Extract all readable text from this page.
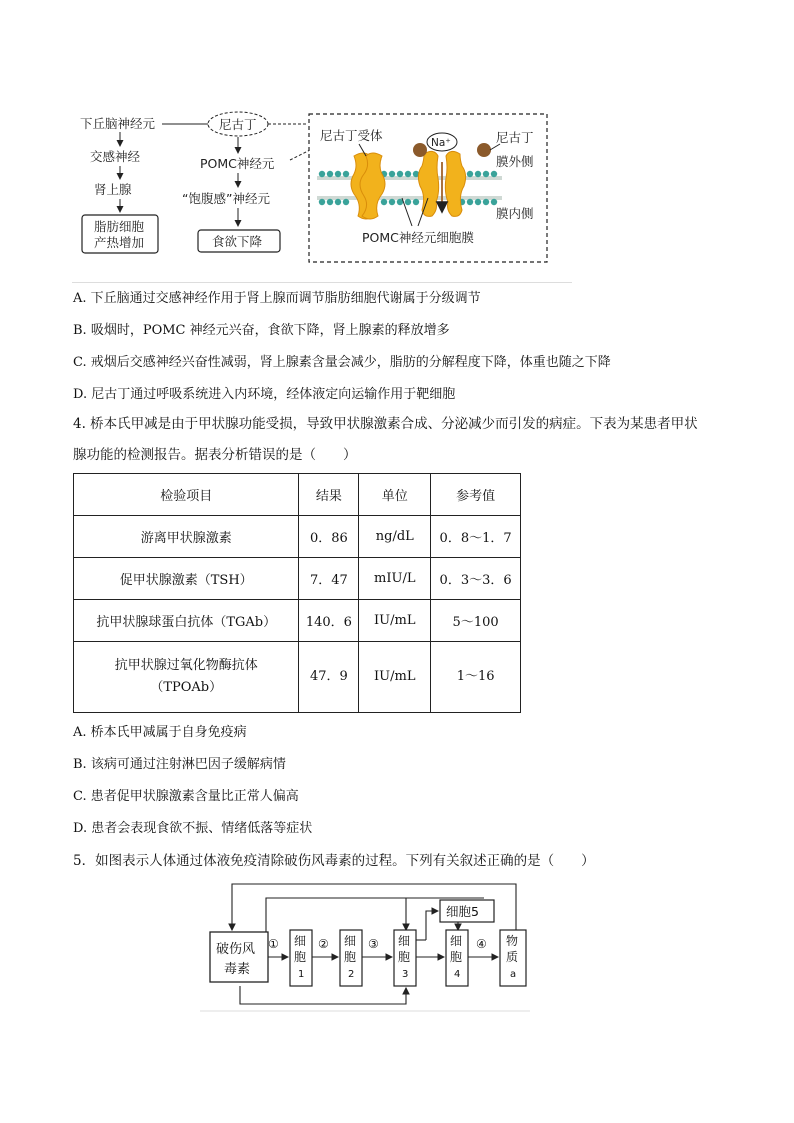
下丘脑神经元
交感神经
肾上腺
脂肪细胞
产热增加
尼古丁
POMC神经元
“饱腹感”神经元
食欲下降
Na⁺
尼古丁受体	尼古丁
膜外侧
膜内侧
POMC神经元细胞膜
A. 下丘脑通过交感神经作用于肾上腺而调节脂肪细胞代谢属于分级调节
B. 吸烟时，POMC 神经元兴奋，食欲下降，肾上腺素的释放增多
C. 戒烟后交感神经兴奋性减弱，肾上腺素含量会减少，脂肪的分解程度下降，体重也随之下降
D. 尼古丁通过呼吸系统进入内环境，经体液定向运输作用于靶细胞
4. 桥本氏甲减是由于甲状腺功能受损，导致甲状腺激素合成、分泌减少而引发的病症。下表为某患者甲状
腺功能的检测报告。据表分析错误的是（　　）
检验项目	结果	单位	参考值
游离甲状腺激素	0．86	ng/dL	0．8～1．7
促甲状腺激素（TSH）	7．47	mIU/L	0．3～3．6
抗甲状腺球蛋白抗体（TGAb）	140．6	IU/mL	5～100

抗甲状腺过氧化物酶抗体
（TPOAb）	47．9	IU/mL	1～16
A. 桥本氏甲减属于自身免疫病
B. 该病可通过注射淋巴因子缓解病情
C. 患者促甲状腺激素含量比正常人偏高
D. 患者会表现食欲不振、情绪低落等症状
5．如图表示人体通过体液免疫清除破伤风毒素的过程。下列有关叙述正确的是（　　）
破伤风
毒素
① 细
胞
1
② 细
胞
2
③ 细
胞
3
细胞5
细
胞
4
④ 物
质
a
